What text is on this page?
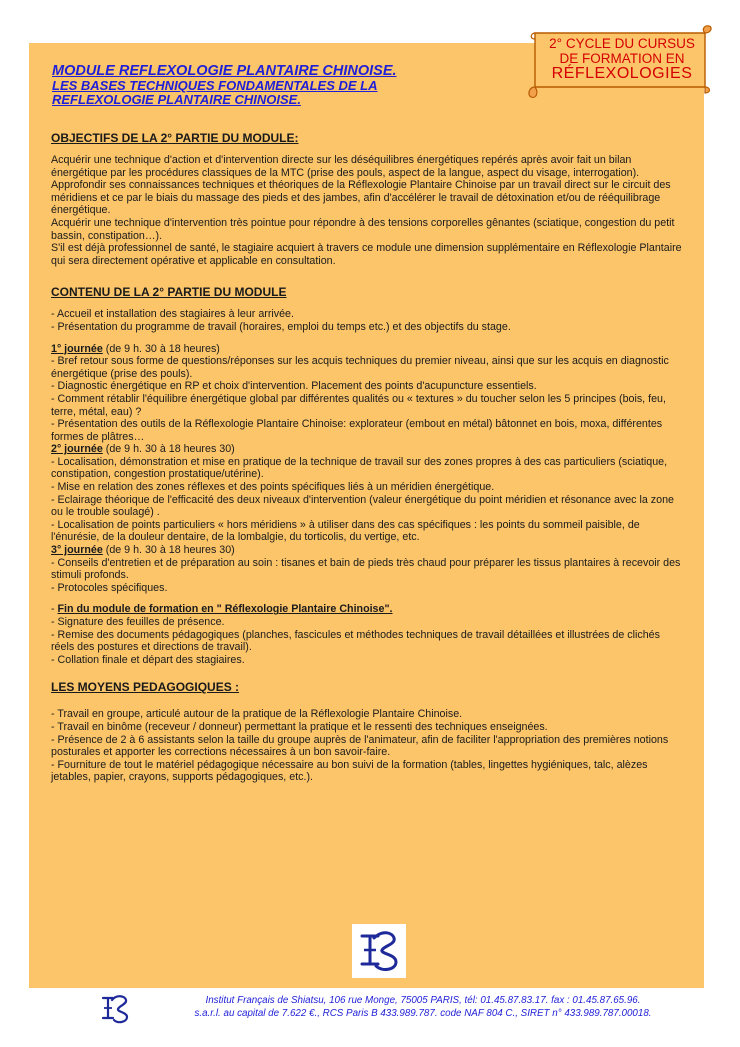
2° CYCLE DU CURSUS
DE FORMATION EN
RÉFLEXOLOGIES
MODULE REFLEXOLOGIE PLANTAIRE CHINOISE.
LES BASES TECHNIQUES FONDAMENTALES DE LA
REFLEXOLOGIE PLANTAIRE CHINOISE.

OBJECTIFS DE LA 2° PARTIE DU MODULE:

Acquérir une technique d'action et d'intervention directe sur les déséquilibres énergétiques repérés après avoir fait un bilan énergétique par les procédures classiques de la MTC (prise des pouls, aspect de la langue, aspect du visage, interrogation).

Approfondir ses connaissances techniques et théoriques de la Réflexologie Plantaire Chinoise par un travail direct sur le circuit des méridiens et ce par le biais du massage des pieds et des jambes, afin d'accélérer le travail de détoxination et/ou de rééquilibrage énergétique.

Acquérir une technique d'intervention très pointue pour répondre à des tensions corporelles gênantes (sciatique, congestion du petit bassin, constipation…).

S'il est déjà professionnel de santé, le stagiaire acquiert à travers ce module une dimension supplémentaire en Réflexologie Plantaire qui sera directement opérative et applicable en consultation.

CONTENU DE LA 2° PARTIE DU MODULE

- Accueil et installation des stagiaires à leur arrivée.

- Présentation du programme de travail (horaires, emploi du temps etc.) et des objectifs du stage.

1° journée (de 9 h. 30 à 18 heures)

- Bref retour sous forme de questions/réponses sur les acquis techniques du premier niveau, ainsi que sur les acquis en diagnostic énergétique (prise des pouls).

- Diagnostic énergétique en RP et choix d'intervention. Placement des points d'acupuncture essentiels.

- Comment rétablir l'équilibre énergétique global par différentes qualités ou « textures » du toucher selon les 5 principes (bois, feu, terre, métal, eau) ?

- Présentation des outils de la Réflexologie Plantaire Chinoise: explorateur (embout en métal) bâtonnet en bois, moxa, différentes formes de plâtres…

2° journée (de 9 h. 30 à 18 heures 30)

- Localisation, démonstration et mise en pratique de la technique de travail sur des zones propres à des cas particuliers (sciatique, constipation, congestion prostatique/utérine).

- Mise en relation des zones réflexes et des points spécifiques liés à un méridien énergétique.

- Eclairage théorique de l'efficacité des deux niveaux d'intervention (valeur énergétique du point méridien et résonance avec la zone ou le trouble soulagé) .

- Localisation de points particuliers « hors méridiens » à utiliser dans des cas spécifiques : les points du sommeil paisible, de l'énurésie, de la douleur dentaire, de la lombalgie, du torticolis, du vertige, etc.

3° journée (de 9 h. 30 à 18 heures 30)

- Conseils d'entretien et de préparation au soin : tisanes et bain de pieds très chaud pour préparer les tissus plantaires à recevoir des stimuli profonds.

- Protocoles spécifiques.

- Fin du module de formation en " Réflexologie Plantaire Chinoise".

- Signature des feuilles de présence.

- Remise des documents pédagogiques (planches, fascicules et méthodes techniques de travail détaillées et illustrées de clichés réels des postures et directions de travail).

- Collation finale et départ des stagiaires.

LES MOYENS PEDAGOGIQUES :

- Travail en groupe, articulé autour de la pratique de la Réflexologie Plantaire Chinoise.

- Travail en binôme (receveur / donneur) permettant la pratique et le ressenti des techniques enseignées.

- Présence de 2 à 6 assistants selon la taille du groupe auprès de l'animateur, afin de faciliter l'appropriation des premières notions posturales et apporter les corrections nécessaires à un bon savoir-faire.

- Fourniture de tout le matériel pédagogique nécessaire au bon suivi de la formation (tables, lingettes hygiéniques, talc, alèzes jetables, papier, crayons, supports pédagogiques, etc.).

Institut Français de Shiatsu, 106 rue Monge, 75005 PARIS, tél: 01.45.87.83.17. fax : 01.45.87.65.96.
s.a.r.l. au capital de 7.622 €., RCS Paris B 433.989.787. code NAF 804 C., SIRET n° 433.989.787.00018.
